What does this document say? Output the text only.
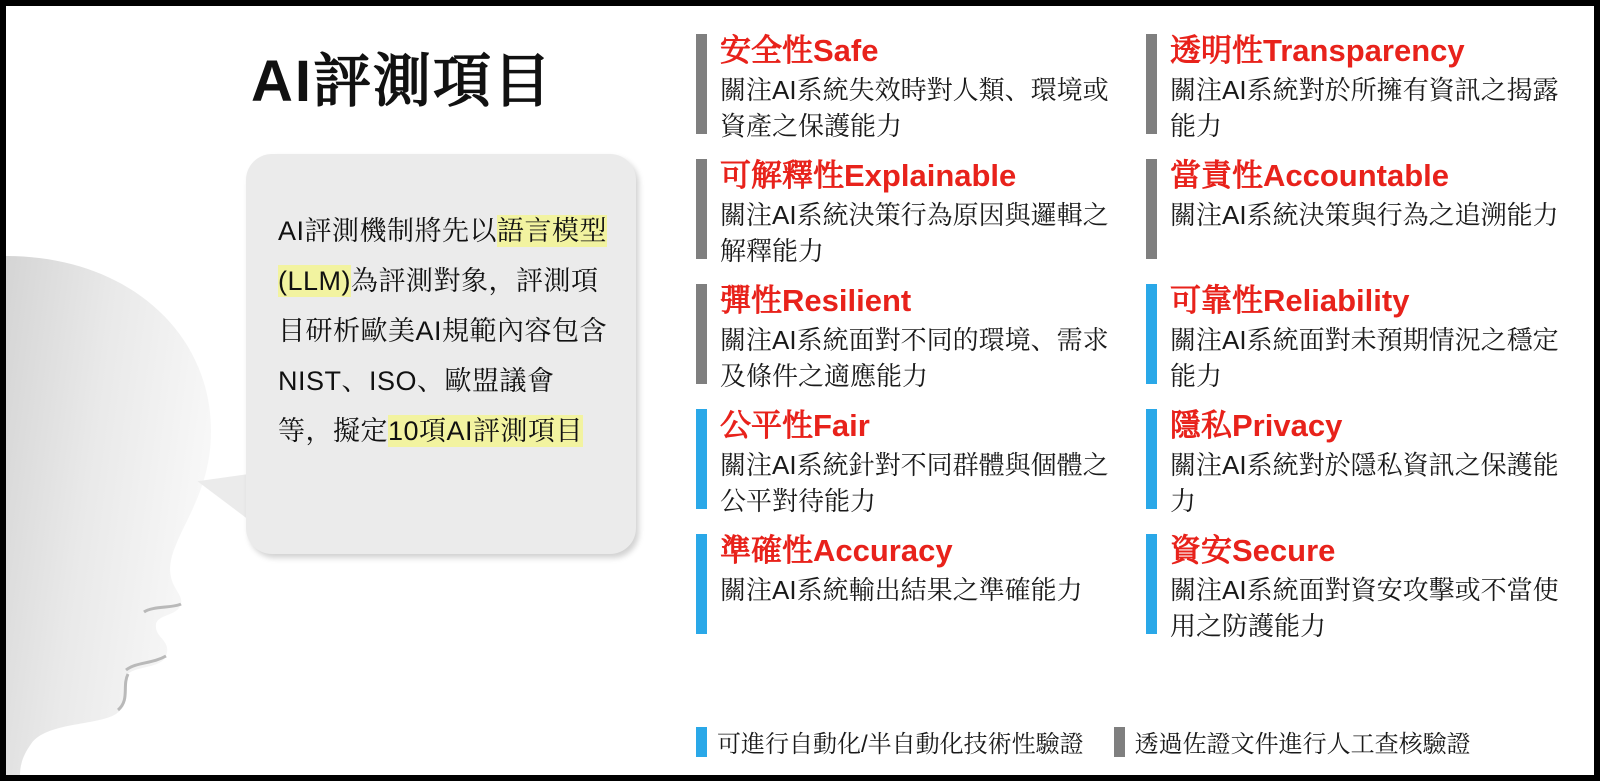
AI評測項目
AI評測機制將先以語言模型(LLM)為評測對象，評測項目研析歐美AI規範內容包含NIST、ISO、歐盟議會等，擬定10項AI評測項目
安全性Safe
關注AI系統失效時對人類、環境或資產之保護能力
可解釋性Explainable
關注AI系統決策行為原因與邏輯之解釋能力
彈性Resilient
關注AI系統面對不同的環境、需求及條件之適應能力
公平性Fair
關注AI系統針對不同群體與個體之公平對待能力
準確性Accuracy
關注AI系統輸出結果之準確能力
透明性Transparency
關注AI系統對於所擁有資訊之揭露能力
當責性Accountable
關注AI系統決策與行為之追溯能力
可靠性Reliability
關注AI系統面對未預期情況之穩定能力
隱私Privacy
關注AI系統對於隱私資訊之保護能力
資安Secure
關注AI系統面對資安攻擊或不當使用之防護能力
可進行自動化/半自動化技術性驗證 透過佐證文件進行人工查核驗證
